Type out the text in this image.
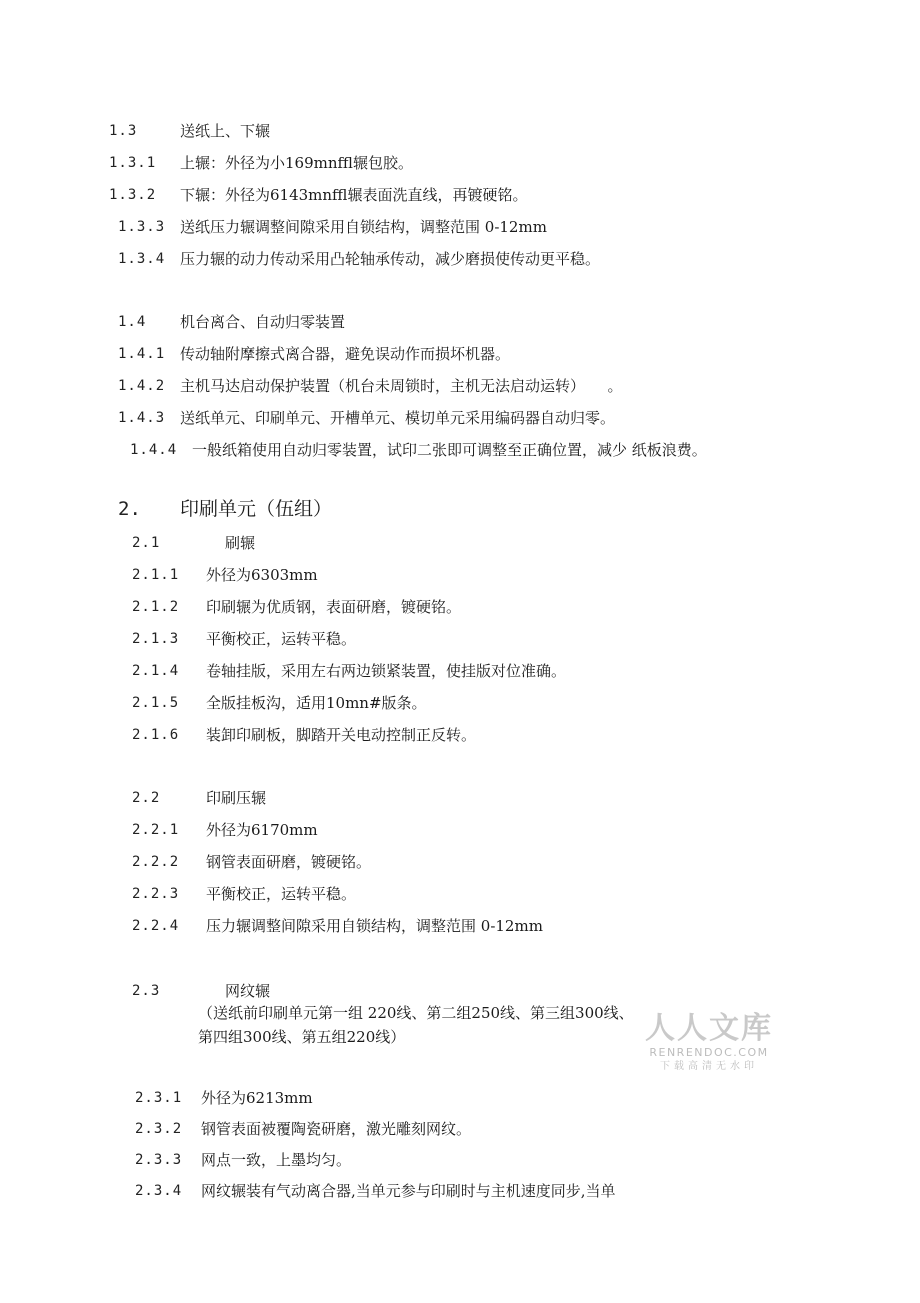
1.3	送纸上、下辗
1.3.1 上辗：外径为小169mnffl辗包胶。
1.3.2 下辗：外径为6143mnffl辗表面洗直线，再镀硬铭。
1.3.3 送纸压力辗调整间隙采用自锁结构，调整范围 0-12mm
1.3.4 压力辗的动力传动采用凸轮轴承传动，减少磨损使传动更平稳。
1.4 机台离合、自动归零装置
1.4.1 传动轴附摩擦式离合器，避免误动作而损坏机器。
1.4.2 主机马达启动保护装置（机台未周锁时，主机无法启动运转）　　。
1.4.3 送纸单元、印刷单元、开槽单元、模切单元采用编码器自动归零。
1.4.4 一般纸箱使用自动归零装置，试印二张即可调整至正确位置，减少 纸板浪费。
2. 印刷单元（伍组）
2.1	刷辗
2.1.1 外径为6303mm
2.1.2 印刷辗为优质钢，表面研磨，镀硬铭。
2.1.3 平衡校正，运转平稳。
2.1.4 卷轴挂版，采用左右两边锁紧装置，使挂版对位准确。
2.1.5 全版挂板沟，适用10mn#版条。
2.1.6 装卸印刷板，脚踏开关电动控制正反转。
2.2	印刷压辗
2.2.1 外径为6170mm
2.2.2 钢管表面研磨，镀硬铭。
2.2.3 平衡校正，运转平稳。
2.2.4 压力辗调整间隙采用自锁结构，调整范围 0-12mm
2.3	网纹辗
（送纸前印刷单元第一组 220线、第二组250线、第三组300线、
第四组300线、第五组220线）
2.3.1 外径为6213mm
2.3.2 钢管表面被覆陶瓷研磨，激光雕刻网纹。
2.3.3 网点一致，上墨均匀。
2.3.4 网纹辗装有气动离合器,当单元参与印刷时与主机速度同步,当单
人人文库
RENRENDOC.COM
下载高清无水印
